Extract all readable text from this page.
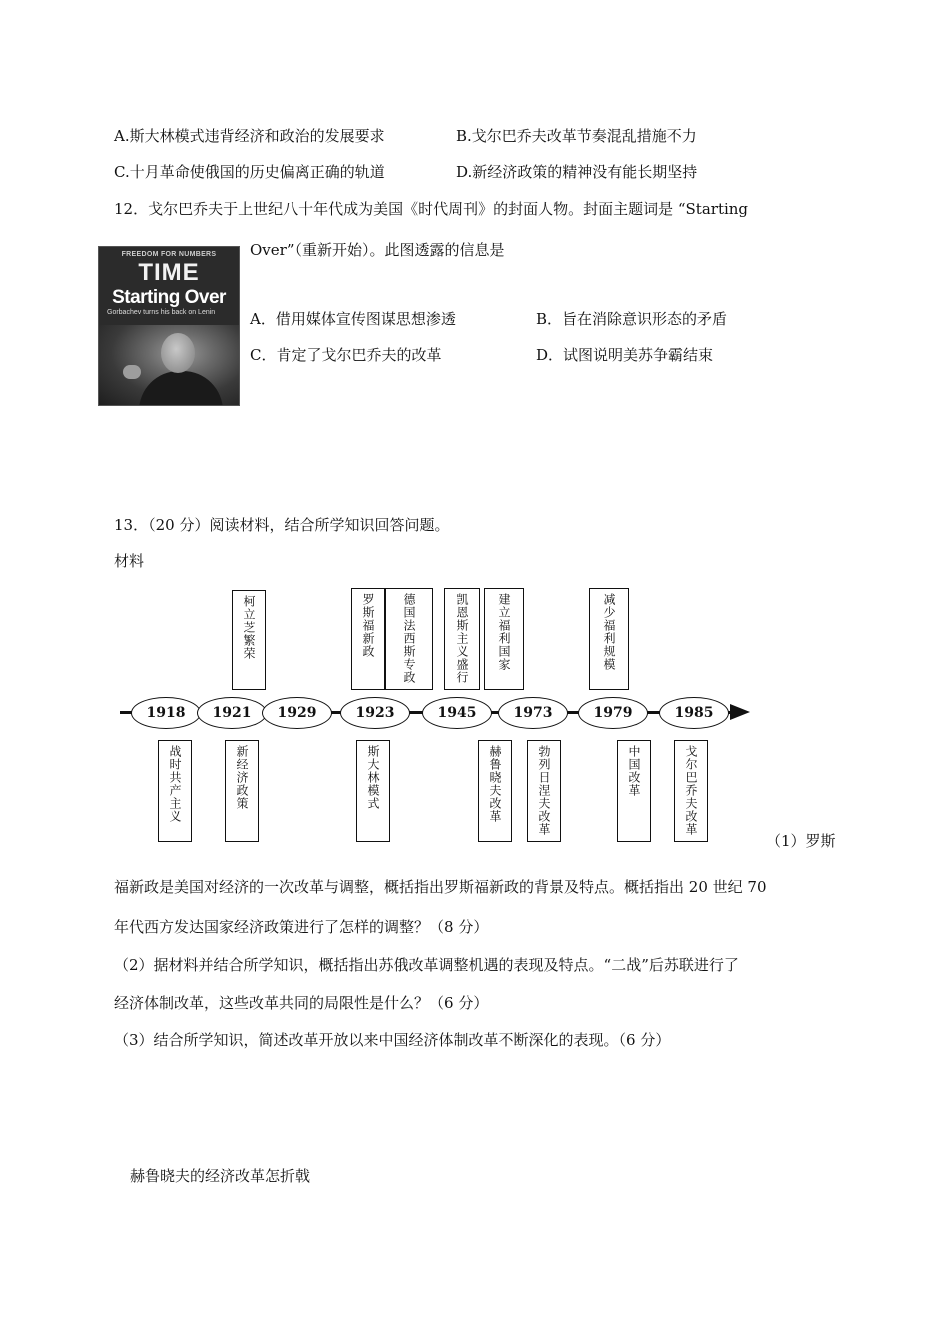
A.斯大林模式违背经济和政治的发展要求	B.戈尔巴乔夫改革节奏混乱措施不力
C.十月革命使俄国的历史偏离正确的轨道	D.新经济政策的精神没有能长期坚持
12．戈尔巴乔夫于上世纪八十年代成为美国《时代周刊》的封面人物。封面主题词是 “Starting
Over”（重新开始）。此图透露的信息是
FREEDOM FOR NUMBERS
TIME
Starting Over
Gorbachev turns his back on Lenin	A．借用媒体宣传图谋思想渗透	B．旨在消除意识形态的矛盾
C．肯定了戈尔巴乔夫的改革	D．试图说明美苏争霸结束
13．（20 分）阅读材料，结合所学知识回答问题。
材料
柯立芝繁荣	罗斯福新政	德国法西斯专政	凯恩斯主义盛行	建立福利国家	减少福利规模
1918	1921	1929	1923	1945	1973	1979	1985
战时共产主义	新经济政策	斯大林模式	赫鲁晓夫改革	勃列日涅夫改革	中国改革	戈尔巴乔夫改革
（1）罗斯
福新政是美国对经济的一次改革与调整，概括指出罗斯福新政的背景及特点。概括指出 20 世纪 70
年代西方发达国家经济政策进行了怎样的调整？（8 分）
（2）据材料并结合所学知识，概括指出苏俄改革调整机遇的表现及特点。“二战”后苏联进行了
经济体制改革，这些改革共同的局限性是什么？（6 分）
（3）结合所学知识，简述改革开放以来中国经济体制改革不断深化的表现。（6 分）
赫鲁晓夫的经济改革怎折戟
